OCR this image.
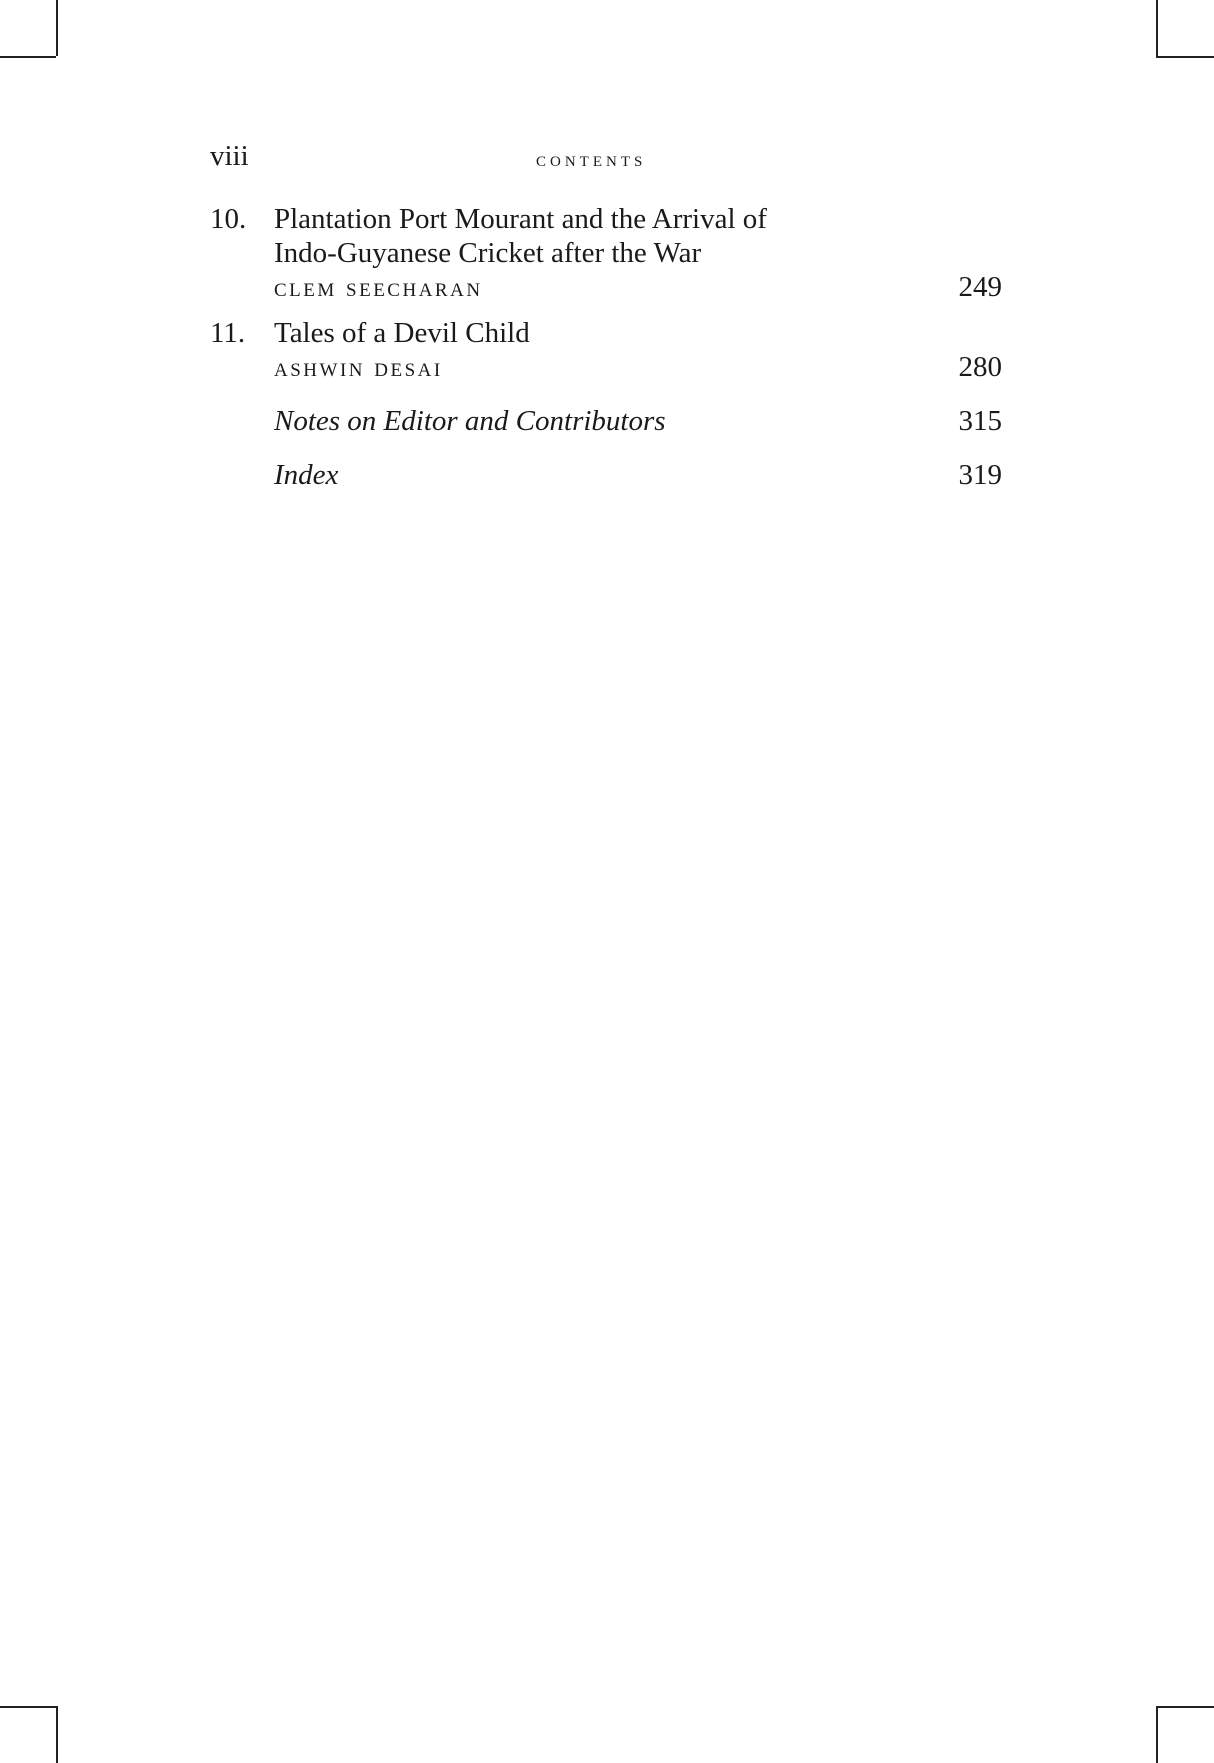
viii	contents
10. Plantation Port Mourant and the Arrival of
Indo-Guyanese Cricket after the War
clem seecharan	249
11. Tales of a Devil Child
ashwin desai	280
Notes on Editor and Contributors	315
Index	319
